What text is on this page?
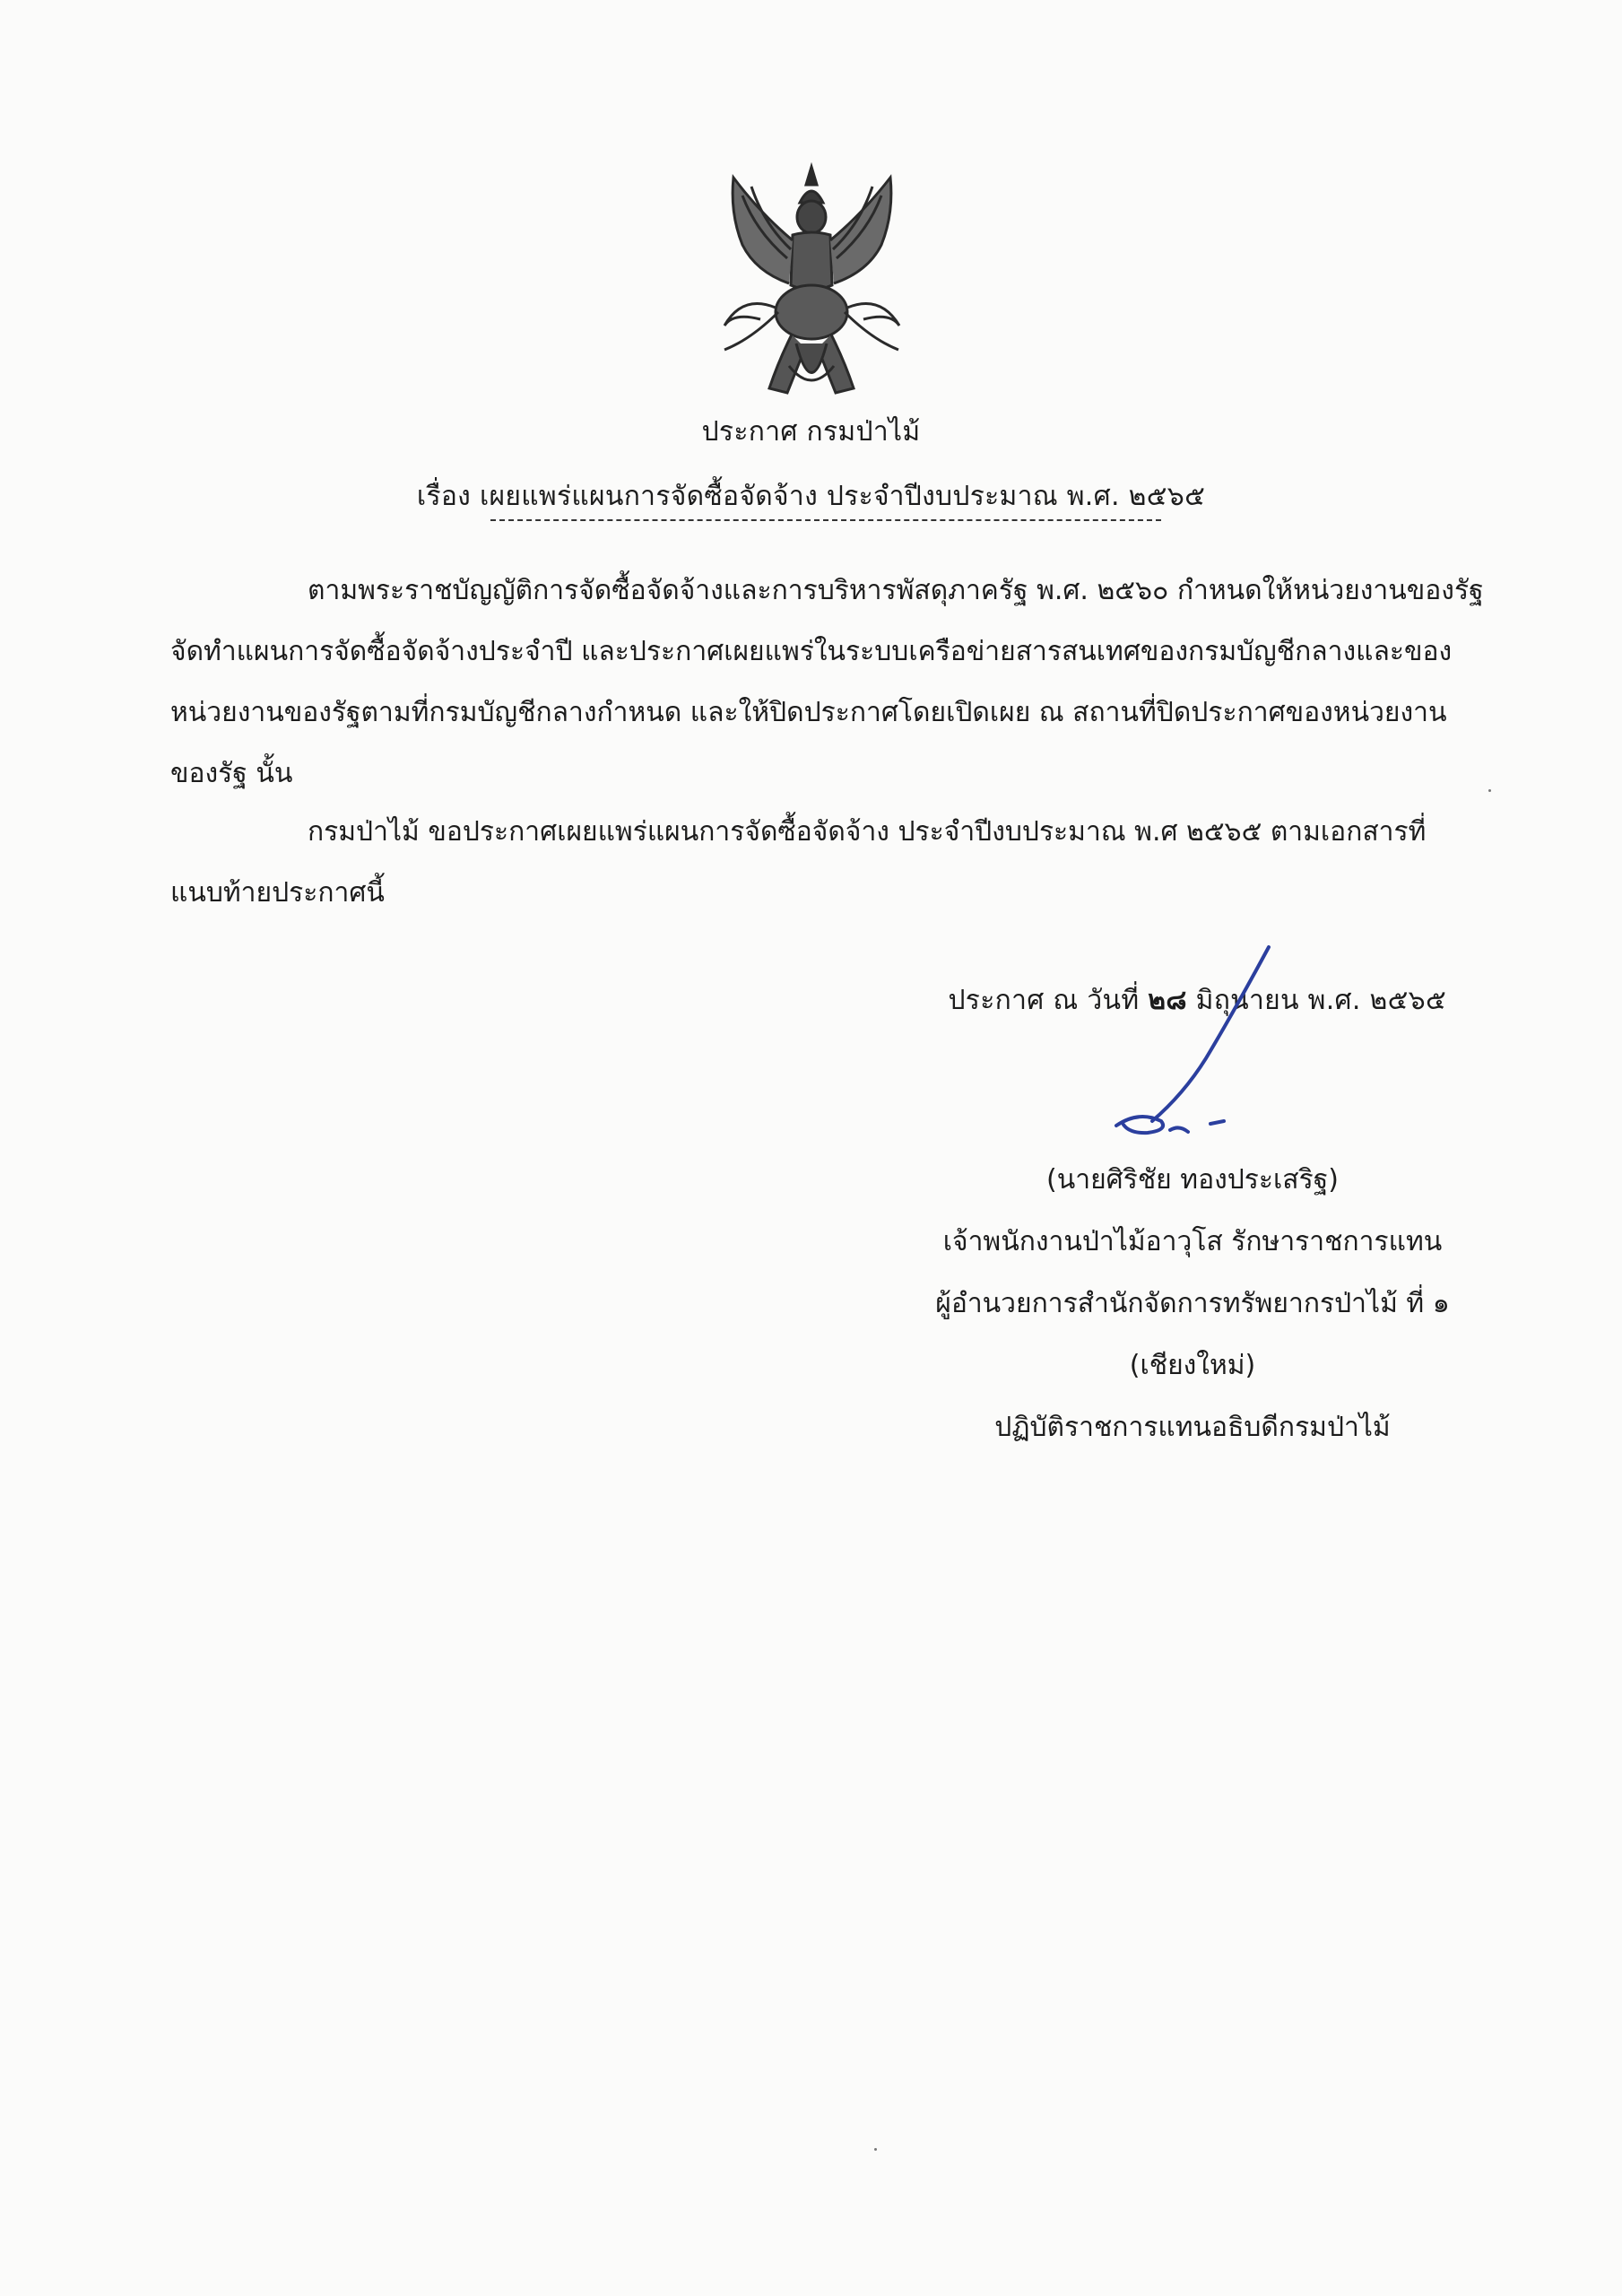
ประกาศ กรมป่าไม้
เรื่อง เผยแพร่แผนการจัดซื้อจัดจ้าง ประจำปีงบประมาณ พ.ศ. ๒๕๖๕
ตามพระราชบัญญัติการจัดซื้อจัดจ้างและการบริหารพัสดุภาครัฐ พ.ศ. ๒๕๖๐ กำหนดให้หน่วยงานของรัฐ
จัดทำแผนการจัดซื้อจัดจ้างประจำปี และประกาศเผยแพร่ในระบบเครือข่ายสารสนเทศของกรมบัญชีกลางและของ
หน่วยงานของรัฐตามที่กรมบัญชีกลางกำหนด และให้ปิดประกาศโดยเปิดเผย ณ สถานที่ปิดประกาศของหน่วยงาน
ของรัฐ นั้น
กรมป่าไม้ ขอประกาศเผยแพร่แผนการจัดซื้อจัดจ้าง ประจำปีงบประมาณ พ.ศ ๒๕๖๕ ตามเอกสารที่
แนบท้ายประกาศนี้
ประกาศ ณ วันที่ ๒๘ มิถุนายน พ.ศ. ๒๕๖๕
(นายศิริชัย ทองประเสริฐ)
เจ้าพนักงานป่าไม้อาวุโส รักษาราชการแทน
ผู้อำนวยการสำนักจัดการทรัพยากรป่าไม้ ที่ ๑
(เชียงใหม่)
ปฏิบัติราชการแทนอธิบดีกรมป่าไม้
